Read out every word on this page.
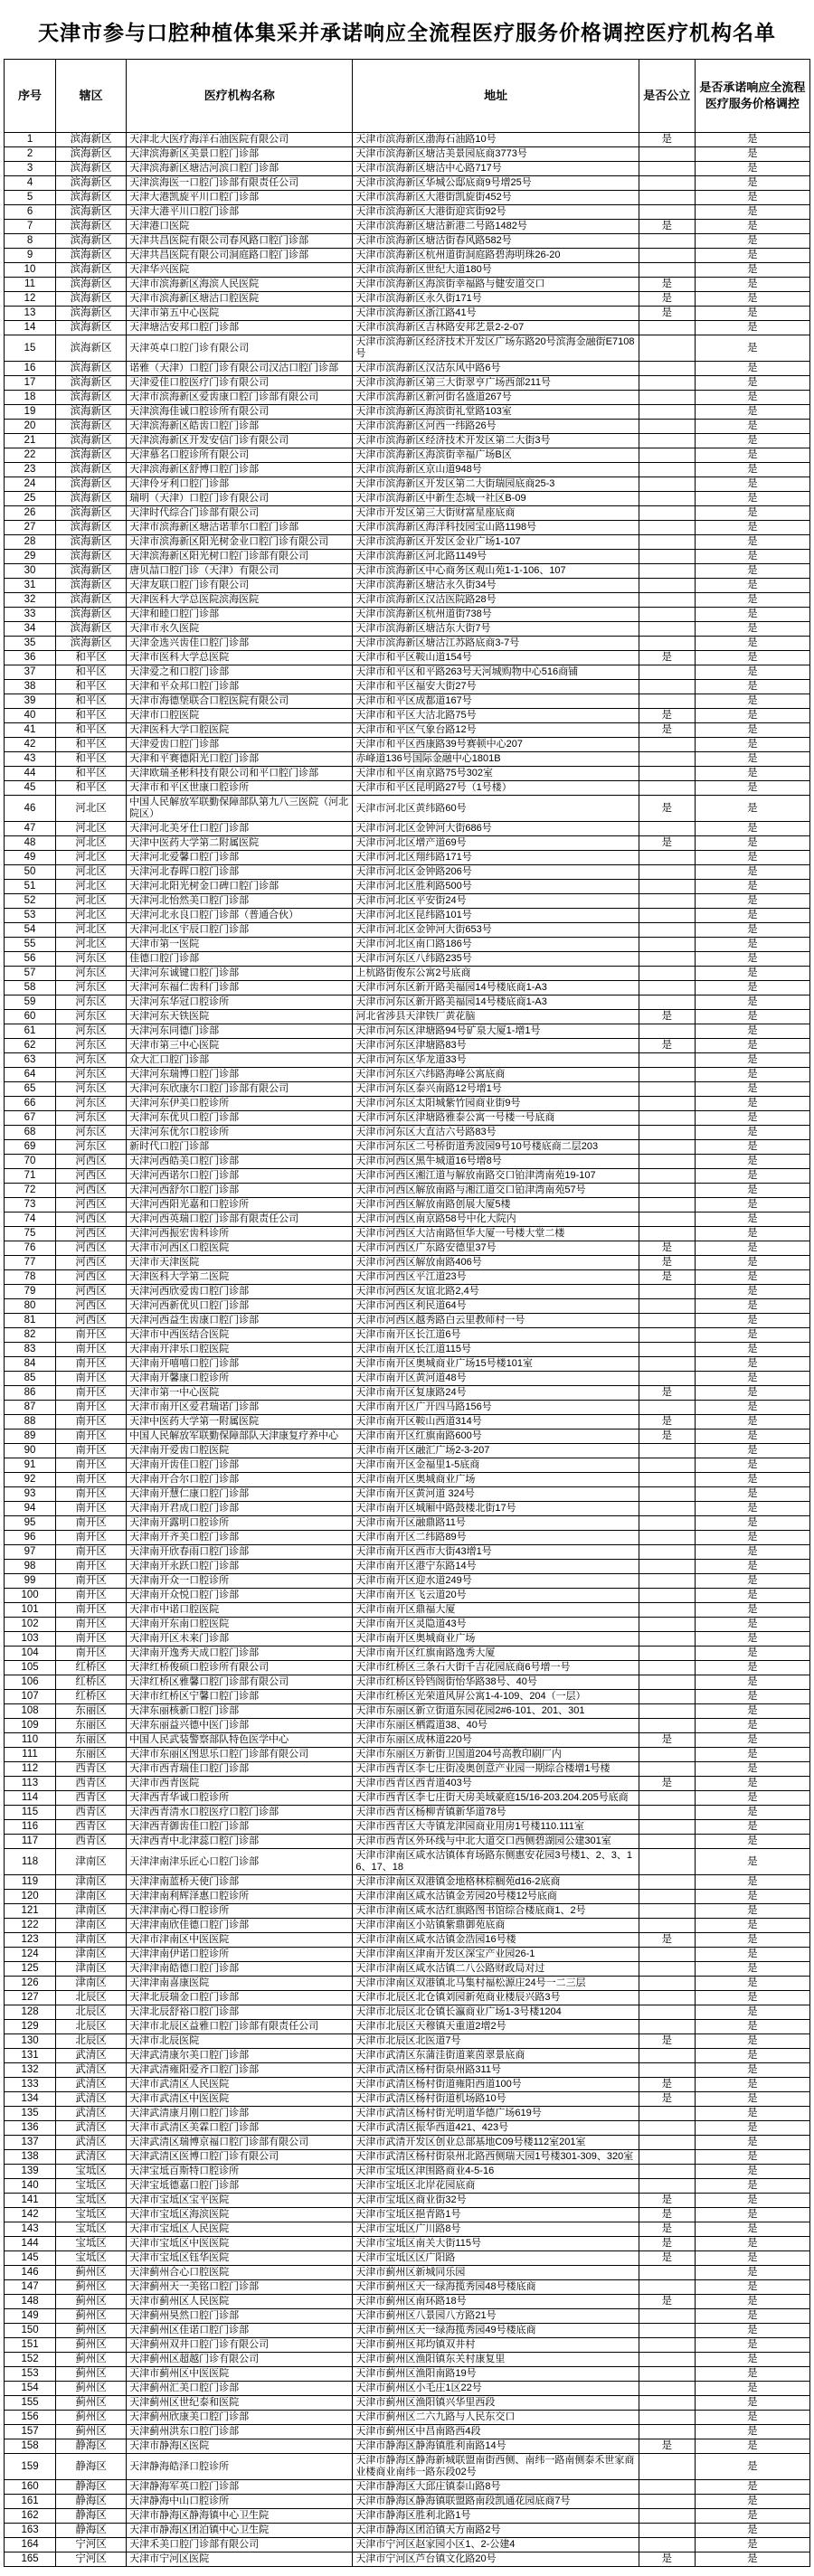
天津市参与口腔种植体集采并承诺响应全流程医疗服务价格调控医疗机构名单
序号	辖区	医疗机构名称	地址	是否公立	是否承诺响应全流程医疗服务价格调控
1	滨海新区	天津北大医疗海洋石油医院有限公司	天津市滨海新区渤海石油路10号	是	是
2	滨海新区	天津滨海新区美景口腔门诊部	天津市滨海新区塘沽美景园底商3773号		是
3	滨海新区	天津滨海新区塘沽河滨口腔门诊部	天津市滨海新区塘沽中心路717号		是
4	滨海新区	天津滨海医一口腔门诊部有限责任公司	天津市滨海新区华城公邸底商9号增25号		是
5	滨海新区	天津大港凯旋平川口腔门诊部	天津市滨海新区大港街凯旋街452号		是
6	滨海新区	天津大港平川口腔门诊部	天津市滨海新区大港街迎宾街92号		是
7	滨海新区	天津港口医院	天津市滨海新区塘沽新港二号路1482号	是	是
8	滨海新区	天津共昌医院有限公司春风路口腔门诊部	天津市滨海新区塘沽街春风路582号		是
9	滨海新区	天津共昌医院有限公司洞庭路口腔门诊部	天津市滨海新区杭州道街洞庭路碧海明珠26-20		是
10	滨海新区	天津华兴医院	天津市滨海新区世纪大道180号		是
11	滨海新区	天津市滨海新区海滨人民医院	天津市滨海新区海滨街幸福路与健安道交口	是	是
12	滨海新区	天津市滨海新区塘沽口腔医院	天津市滨海新区永久街171号	是	是
13	滨海新区	天津市第五中心医院	天津市滨海新区浙江路41号	是	是
14	滨海新区	天津塘沽安邦口腔门诊部	天津市滨海新区吉林路安邦艺景2-2-07		是
15	滨海新区	天津英卓口腔门诊有限公司	天津市滨海新区经济技术开发区广场东路20号滨海金融街E7108号		是
16	滨海新区	诺雅（天津）口腔门诊有限公司汉沽口腔门诊部	天津市滨海新区汉沽东风中路6号		是
17	滨海新区	天津爱佳口腔医疗门诊有限公司	天津市滨海新区第三大街翠亨广场西部211号		是
18	滨海新区	天津市滨海新区爱齿康口腔门诊部有限公司	天津市滨海新区新河街名盛道267号		是
19	滨海新区	天津滨海佳诚口腔诊所有限公司	天津市滨海新区海滨街礼堂路103室		是
20	滨海新区	天津滨海新区皓齿口腔门诊部	天津市滨海新区河西一纬路26号		是
21	滨海新区	天津滨海新区开发安信门诊有限公司	天津市滨海新区经济技术开发区第二大街3号		是
22	滨海新区	天津慕名口腔诊所有限公司	天津市滨海新区海滨街幸福广场B区		是
23	滨海新区	天津滨海新区舒博口腔门诊部	天津市滨海新区京山道948号		是
24	滨海新区	天津伶牙利口腔门诊部	天津市滨海新区开发区第二大街瑞园底商25-3		是
25	滨海新区	瑞明（天津）口腔门诊有限公司	天津市滨海新区中新生态城一社区B-09		是
26	滨海新区	天津时代综合门诊部有限公司	天津市开发区第三大街财富星座底商		是
27	滨海新区	天津市滨海新区塘沽诺菲尔口腔门诊部	天津市滨海新区海洋科技园宝山路1198号		是
28	滨海新区	天津市滨海新区阳光树金业口腔门诊有限公司	天津市滨海新区开发区金业广场1-107		是
29	滨海新区	天津滨海新区阳光树口腔门诊部有限公司	天津市滨海新区河北路1149号		是
30	滨海新区	唐贝喆口腔门诊（天津）有限公司	天津市滨海新区中心商务区观山苑1-1-106、107		是
31	滨海新区	天津友联口腔门诊有限公司	天津市滨海新区塘沽永久街34号		是
32	滨海新区	天津医科大学总医院滨海医院	天津市滨海新区汉沽医院路28号		是
33	滨海新区	天津和睦口腔门诊部	天津市滨海新区杭州道街738号		是
34	滨海新区	天津市永久医院	天津市滨海新区塘沽东大街7号		是
35	滨海新区	天津金选兴齿佳口腔门诊部	天津市滨海新区塘沽江苏路底商3-7号		是
36	和平区	天津市医科大学总医院	天津市和平区鞍山道154号	是	是
37	和平区	天津爱之和口腔门诊部	天津市和平区和平路263号天河城购物中心516商铺		是
38	和平区	天津和平众邦口腔门诊部	天津市和平区福安大街27号		是
39	和平区	天津市海德堡联合口腔医院有限公司	天津市和平区成都道167号		是
40	和平区	天津市口腔医院	天津市和平区大沽北路75号	是	是
41	和平区	天津医科大学口腔医院	天津市和平区气象台路12号	是	是
42	和平区	天津爱齿口腔门诊部	天津市和平区西康路39号赛顿中心207		是
43	和平区	天津和平赛德阳光口腔门诊部	赤峰道136号国际金融中心1801B		是
44	和平区	天津欧瑞圣彬科技有限公司和平口腔门诊部	天津市和平区南京路75号302室		是
45	和平区	天津市和平区世康口腔诊所	天津市和平区昆明路27号（1号楼）		是
46	河北区	中国人民解放军联勤保障部队第九八三医院（河北院区）	天津市河北区黄纬路60号	是	是
47	河北区	天津河北美牙仕口腔门诊部	天津市河北区金钟河大街686号		是
48	河北区	天津中医药大学第二附属医院	天津市河北区增产道69号	是	是
49	河北区	天津河北爱馨口腔门诊部	天津市河北区翔纬路171号		是
50	河北区	天津河北春晖口腔门诊部	天津市河北区金钟路206号		是
51	河北区	天津河北阳光树金口碑口腔门诊部	天津市河北区胜利路500号		是
52	河北区	天津河北怡然美口腔门诊部	天津市河北区平安街24号		是
53	河北区	天津河北永良口腔门诊部（普通合伙）	天津市河北区昆纬路101号		是
54	河北区	天津河北区宇辰口腔门诊部	天津市河北区金钟河大街653号		是
55	河北区	天津市第一医院	天津市河北区南口路186号		是
56	河东区	佳德口腔门诊部	天津市河东区八纬路235号		是
57	河东区	天津河东诚键口腔门诊部	上杭路街俊东公寓2号底商		是
58	河东区	天津河东福仁齿科门诊部	天津市河东区新开路美福园14号楼底商1-A3		是
59	河东区	天津河东华冠口腔诊所	天津市河东区新开路美福园14号楼底商1-A3		是
60	河东区	天津河东天铁医院	河北省涉县天津铁厂黄花脑	是	是
61	河东区	天津河东同德门诊部	天津市河东区津塘路94号矿泉大厦1-增1号		是
62	河东区	天津市第三中心医院	天津市河东区津塘路83号	是	是
63	河东区	众大汇口腔门诊部	天津市河东区华龙道33号		是
64	河东区	天津河东瑞博口腔门诊部	天津市河东区六纬路海峰公寓底商		是
65	河东区	天津河东欣康尔口腔门诊部有限公司	天津市河东区泰兴南路12号增1号		是
66	河东区	天津河东伊美口腔诊所	天津市河东区太阳城紫竹园商业街9号		是
67	河东区	天津河东优贝口腔门诊部	天津市河东区津塘路雅泰公寓一号楼一号底商		是
68	河东区	天津河东优尔口腔诊所	天津市河东区大直沽六号路83号		是
69	河东区	新时代口腔门诊部	天津市河东区二号桥街道秀波园9号10号楼底商二层203		是
70	河西区	天津河西皓美口腔门诊部	天津市河西区黑牛城道16号增8号		是
71	河西区	天津河西诺尔口腔门诊部	天津市河西区湘江道与解放南路交口铂津湾南苑19-107		是
72	河西区	天津河西舒尔口腔门诊部	天津市河西区解放南路与湘江道交口铂津湾南苑57号		是
73	河西区	天津河西阳光嘉和口腔诊所	天津市河西区解放南路创展大厦5楼		是
74	河西区	天津河西英瑞口腔门诊部有限责任公司	天津市河西区南京路58号中化大院内		是
75	河西区	天津河西振宏齿科诊所	天津市河西区大沽南路恒华大厦一号楼大堂二楼		是
76	河西区	天津市河西区口腔医院	天津市河西区广东路安德里37号	是	是
77	河西区	天津市天津医院	天津市河西区解放南路406号	是	是
78	河西区	天津医科大学第二医院	天津市河西区平江道23号	是	是
79	河西区	天津河西欣爱齿口腔门诊部	天津市河西区友谊北路2,4号		是
80	河西区	天津河西新优贝口腔门诊部	天津市河西区利民道64号		是
81	河西区	天津河西益生齿康口腔门诊部	天津市河西区越秀路白云里教师村一号		是
82	南开区	天津市中西医结合医院	天津市南开区长江道6号		是
83	南开区	天津南开津乐口腔医院	天津市南开区长江道115号		是
84	南开区	天津南开嘻嘻口腔门诊部	天津市南开区奥城商业广场15号楼101室		是
85	南开区	天津南开馨康口腔诊所	天津市南开区黄河道48号		是
86	南开区	天津市第一中心医院	天津市南开区复康路24号	是	是
87	南开区	天津市南开区爱君瑞诺门诊部	天津市南开区广开四马路156号		是
88	南开区	天津中医药大学第一附属医院	天津市南开区鞍山西道314号	是	是
89	南开区	中国人民解放军联勤保障部队天津康复疗养中心	天津市南开区红旗南路600号	是	是
90	南开区	天津南开爱齿口腔医院	天津市南开区融汇广场2-3-207		是
91	南开区	天津南开齿佳口腔门诊部	天津市南开区金福里1-5底商		是
92	南开区	天津南开合尔口腔门诊部	天津市南开区奥城商业广场		是
93	南开区	天津南开慧仁康口腔门诊部	天津市南开区黄河道 324号		是
94	南开区	天津南开君成口腔门诊部	天津市南开区城厢中路鼓楼北街17号		是
95	南开区	天津南开露明口腔诊所	天津市南开区融鼎路11号		是
96	南开区	天津南开齐美口腔门诊部	天津市南开区二纬路89号		是
97	南开区	天津南开欣春雨口腔门诊部	天津市南开区西市大街43增1号		是
98	南开区	天津南开永跃口腔门诊部	天津市南开区港宁东路14号		是
99	南开区	天津南开众一口腔诊所	天津市南开区迎水道249号		是
100	南开区	天津南开众悦口腔门诊部	天津市南开区飞云道20号		是
101	南开区	天津市中诺口腔医院	天津市南开区鼎福大厦		是
102	南开区	天津南开东南口腔医院	天津市南开区灵隐道43号		是
103	南开区	天津南开区未来门诊部	天津市南开区奥城商业广场		是
104	南开区	天津南开逸秀天成口腔门诊部	天津市南开区红旗南路逸秀大厦		是
105	红桥区	天津红桥俊硕口腔诊所有限公司	天津市红桥区三条石大街千吉花园底商6号增一号		是
106	红桥区	天津红桥区雅馨口腔门诊部有限公司	天津市红桥区铃铛阁街怡华路38号、40号		是
107	红桥区	天津市红桥区宁馨口腔门诊部	天津市红桥区光荣道风屏公寓1-4-109、204（一层）		是
108	东丽区	天津东丽核新口腔门诊部	天津市东丽区新立街道东园花园2#6-101、201、301		是
109	东丽区	天津东丽益兴德中医门诊部	天津市东丽区栖霞道38、40号		是
110	东丽区	中国人民武装警察部队特色医学中心	天津市东丽区成林道220号	是	是
111	东丽区	天津市东丽区图思乐口腔门诊部有限公司	天津市东丽区万新街卫国道204号高教印刷厂内		是
112	西青区	天津市西青瑞佳口腔门诊部	天津市西青区李七庄街凌奥创意产业园一期综合楼增1号楼		是
113	西青区	天津市西青医院	天津市西青区西青道403号	是	是
114	西青区	天津西青华诚口腔诊所	天津市西青区李七庄街天房美域豪庭15/16-203.204.205号底商		是
115	西青区	天津西青清水口腔医疗口腔门诊部	天津市西青区杨柳青镇新华道78号		是
116	西青区	天津西青御齿佳口腔门诊部	天津市西青区大寺镇龙津园商业用房1号楼110.111室		是
117	西青区	天津西青中北津蕊口腔门诊部	天津市西青区外环线与中北大道交口西侧碧湖园公建301室		是
118	津南区	天津津南津乐匠心口腔门诊部	天津市津南区咸水沽镇体育场路东侧惠安花园3号楼1、2、3、16、17、18		是
119	津南区	天津津南蓝桥天使门诊部	天津市津南区双港镇金地格林棕榈苑d16-2底商		是
120	津南区	天津津南利辉泽惠口腔诊所	天津市津南区咸水沽镇金芳园20号楼12号底商		是
121	津南区	天津津南心得口腔诊所	天津市津南区咸水沽红旗路图书馆综合楼底商1、2号		是
122	津南区	天津津南欣佳德口腔门诊部	天津市津南区小站镇紫鼎御苑底商		是
123	津南区	天津市津南区中医医院	天津市津南区咸水沽镇金浩园16号楼	是	是
124	津南区	天津津南伊诺口腔诊所	天津市津南区津南开发区深宝产业园26-1		是
125	津南区	天津津南皓德口腔门诊部	天津市津南区咸水沽镇二八公路财政局对过		是
126	津南区	天津津南喜康医院	天津市津南区双港镇北马集村福松源庄24号一二三层		是
127	北辰区	天津北辰瑞金口腔门诊部	天津市北辰区北仓镇刘园新苑商业楼辰兴路3号		是
128	北辰区	天津北辰舒裕口腔门诊部	天津市北辰区北仓镇长瀛商业广场1-3号楼1204		是
129	北辰区	天津市北辰区益雅口腔门诊部有限责任公司	天津市北辰区天穆镇天重道2增2号		是
130	北辰区	天津市北辰医院	天津市北辰区北医道7号	是	是
131	武清区	天津武清康尔美口腔门诊部	天津市武清区东蒲洼街道莱茵翠景底商		是
132	武清区	天津武清雍阳爱齐口腔门诊部	天津市武清区杨村街泉州路311号		是
133	武清区	天津市武清区人民医院	天津市武清区杨村街道雍阳西道100号	是	是
134	武清区	天津市武清区中医医院	天津市武清区杨村街道机场路10号	是	是
135	武清区	天津武清康月刚口腔门诊部	天津市武清区杨村街光明道华德广场619号		是
136	武清区	天津市武清区美霖口腔门诊部	天津市武清区振华西道421、423号		是
137	武清区	天津武清区瑞博京福口腔门诊部有限公司	天津市武清开发区创业总部基地C09号楼112室201室		是
138	武清区	天津武清区医博口腔门诊有限公司	天津市武清区杨村街泉州北路西侧瑞天园1号楼301-309、320室		是
139	宝坻区	天津宝坻百斯特口腔诊所	天津市宝坻区津围路商业4-5-16		是
140	宝坻区	天津宝坻德嘉口腔门诊部	天津市宝坻区北岸花园底商		是
141	宝坻区	天津市宝坻区宝平医院	天津市宝坻区商业街32号	是	是
142	宝坻区	天津市宝坻区海滨医院	天津市宝坻区挹青路1号	是	是
143	宝坻区	天津市宝坻区人民医院	天津市宝坻区广川路8号	是	是
144	宝坻区	天津市宝坻区中医医院	天津市宝坻区南关大街115号	是	是
145	宝坻区	天津市宝坻区钰华医院	天津市宝坻区区广阳路	是	是
146	蓟州区	天津蓟州合心口腔医院	天津市蓟州区新城同乐园		是
147	蓟州区	天津蓟州天一美铭口腔门诊部	天津市蓟州区天一绿海揽秀园48号楼底商		是
148	蓟州区	天津市蓟州区人民医院	天津市蓟州区南环路18号	是	是
149	蓟州区	天津蓟州昊然口腔门诊部	天津市蓟州区八景园八方路21号		是
150	蓟州区	天津蓟州区佳诺口腔门诊部	天津市蓟州区天一绿海揽秀园49号楼底商		是
151	蓟州区	天津蓟州双井口腔门诊有限公司	天津市蓟州区邦均镇双井村		是
152	蓟州区	天津蓟州区超越门诊有限公司	天津市蓟州区渔阳镇东关村康复里		是
153	蓟州区	天津市蓟州区中医医院	天津市蓟州区渔阳南路19号		是
154	蓟州区	天津蓟州汇美口腔门诊部	天津市蓟州区小毛庄1区22号		是
155	蓟州区	天津蓟州区世纪泰和医院	天津市蓟州区渔阳镇兴华里西段		是
156	蓟州区	天津蓟州欣康美口腔门诊部	天津市蓟州区二六九路与人民东交口		是
157	蓟州区	天津蓟州洪东口腔门诊部	天津市蓟州区中昌南路西4段		是
158	静海区	天津市静海区医院	天津市静海区静海镇胜利南路14号	是	是
159	静海区	天津静海皓泽口腔诊所	天津市静海区静海新城联盟南街西侧、南纬一路南侧泰禾世家商业楼商业南纬一路东段02号		是
160	静海区	天津静海军英口腔门诊部	天津市静海区大邱庄镇泰山路8号		是
161	静海区	天津静海中山口腔诊所	天津市静海区静海镇联盟路南段凯通花园底商7号		是
162	静海区	天津市静海区静海镇中心卫生院	天津市静海区胜利北路1号		是
163	静海区	天津市静海区团泊镇中心卫生院	天津市静海区团泊镇天方南路2号		是
164	宁河区	天津禾美口腔门诊部有限公司	天津市宁河区赵家园小区1、2-公建4		是
165	宁河区	天津市宁河区医院	天津市宁河区芦台镇文化路20号	是	是
